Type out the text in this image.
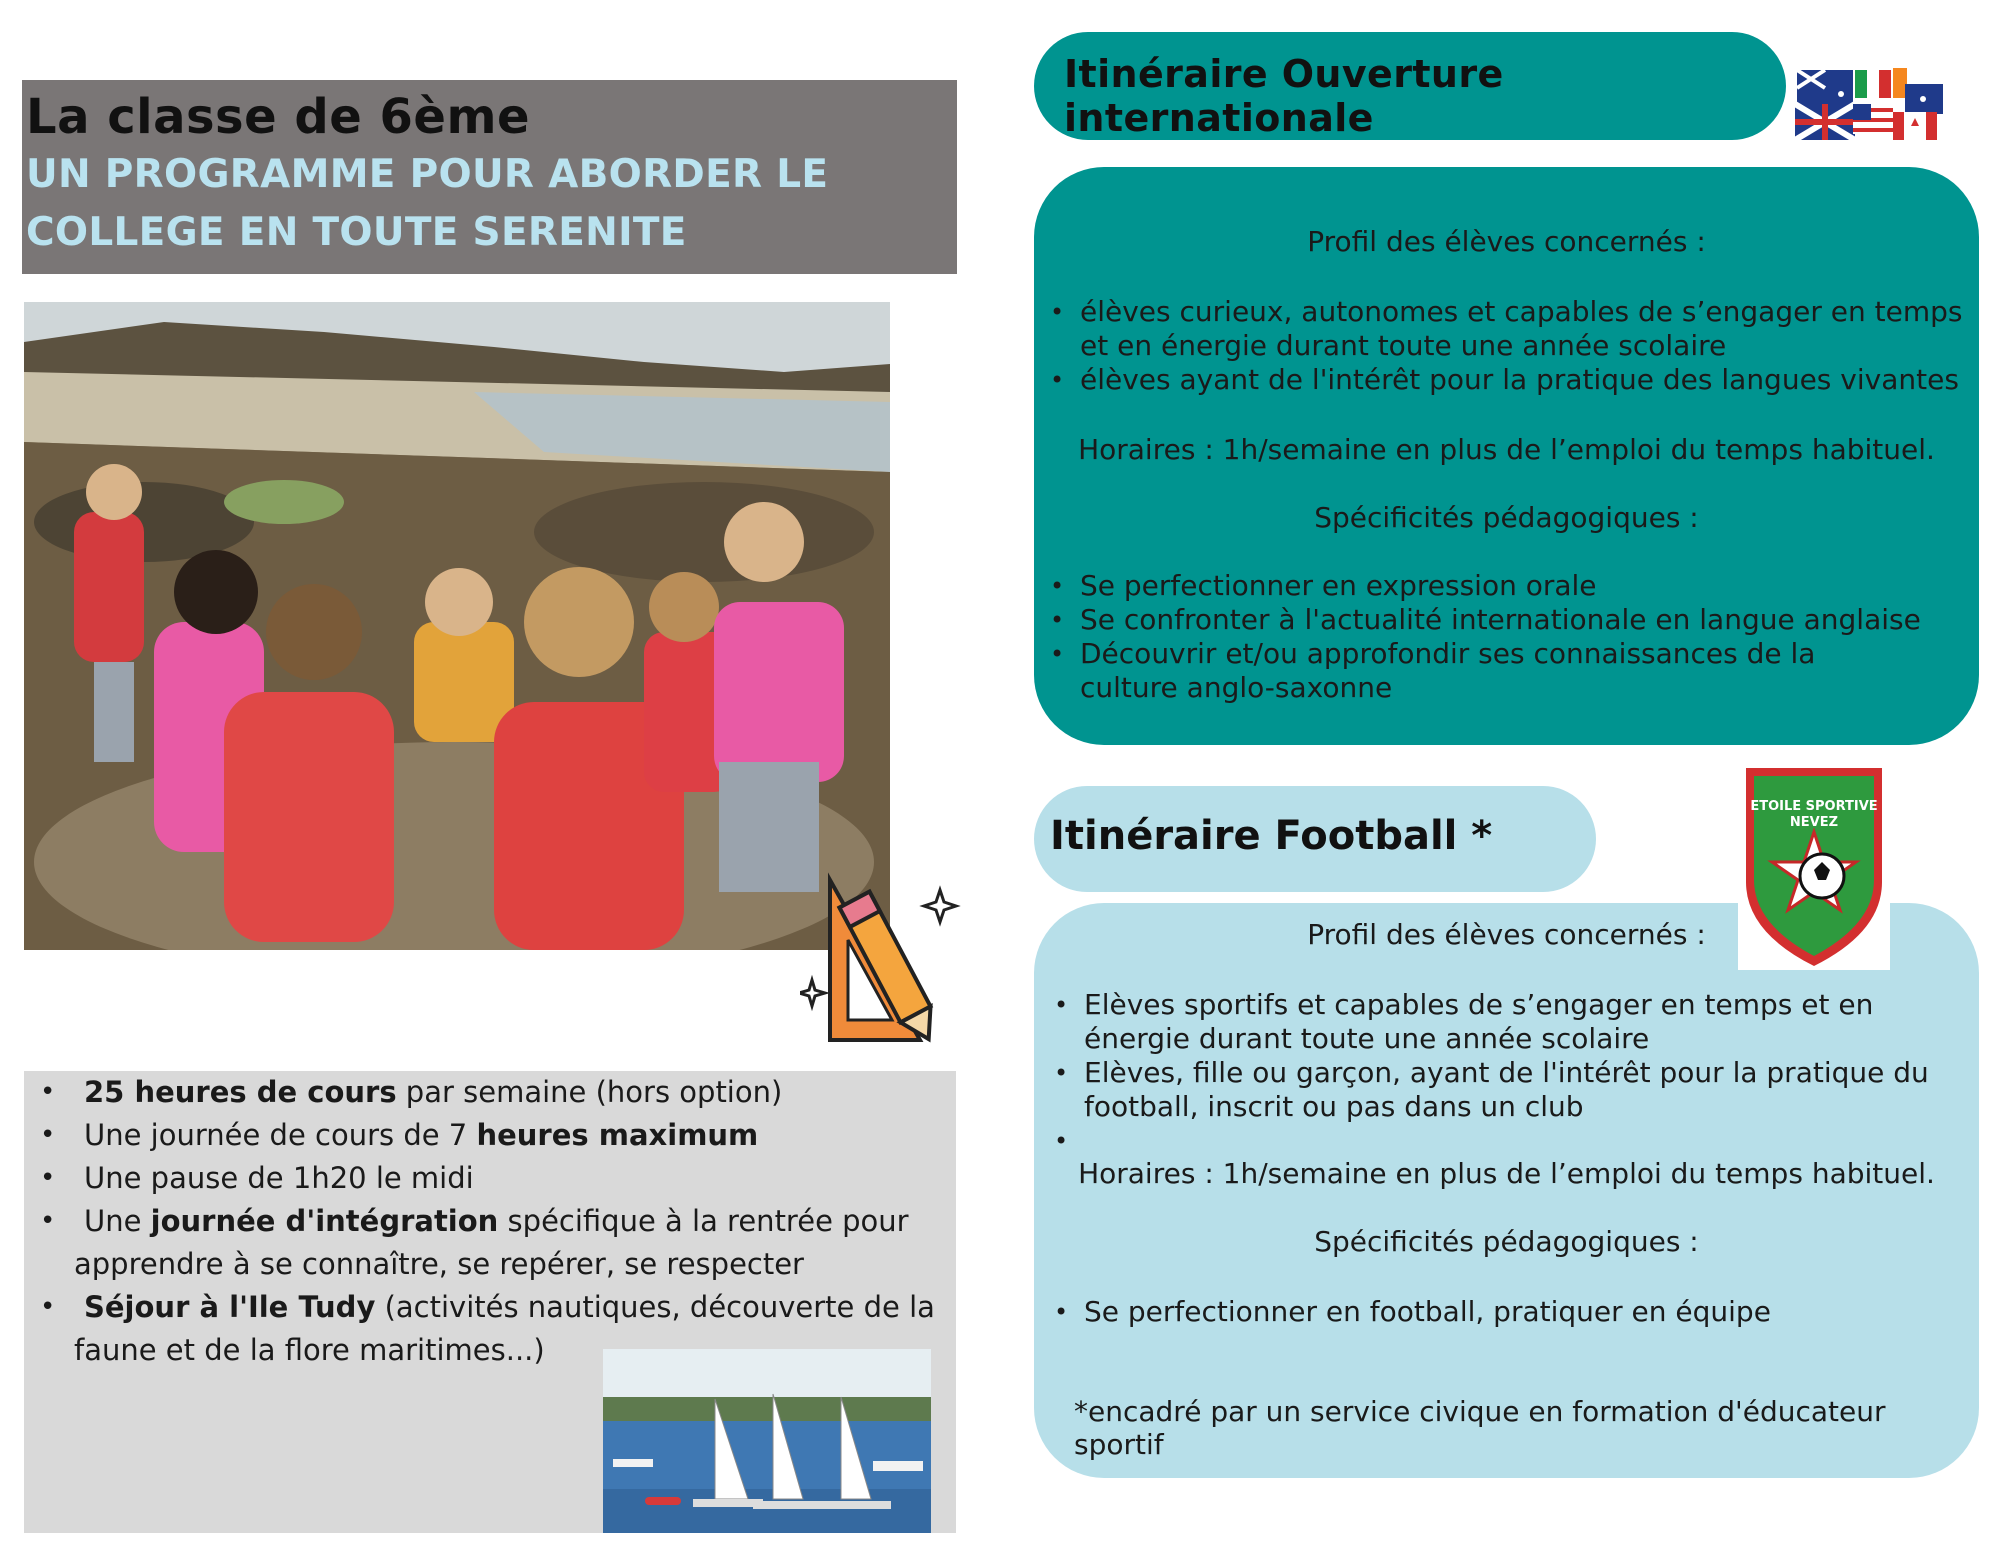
La classe de 6ème
UN PROGRAMME POUR ABORDER LE
COLLEGE EN TOUTE SERENITE
• 25 heures de cours par semaine (hors option)
• Une journée de cours de 7 heures maximum
• Une pause de 1h20 le midi
• Une journée d'intégration spécifique à la rentrée pour
apprendre à se connaître, se repérer, se respecter
• Séjour à l'Ile Tudy (activités nautiques, découverte de la
faune et de la flore maritimes...)
Itinéraire Ouverture internationale
Profil des élèves concernés :
• élèves curieux, autonomes et capables de s’engager en temps et en énergie durant toute une année scolaire
• élèves ayant de l'intérêt pour la pratique des langues vivantes
Horaires : 1h/semaine en plus de l’emploi du temps habituel.
Spécificités pédagogiques :
• Se perfectionner en expression orale
• Se confronter à l'actualité internationale en langue anglaise
• Découvrir et/ou approfondir ses connaissances de la culture anglo-saxonne
Itinéraire Football *
Profil des élèves concernés :
• Elèves sportifs et capables de s’engager en temps et en énergie durant toute une année scolaire
• Elèves, fille ou garçon, ayant de l'intérêt pour la pratique du football, inscrit ou pas dans un club
•
Horaires : 1h/semaine en plus de l’emploi du temps habituel.
Spécificités pédagogiques :
• Se perfectionner en football, pratiquer en équipe
*encadré par un service civique en formation d'éducateur sportif
ETOILE SPORTIVE
NEVEZ
